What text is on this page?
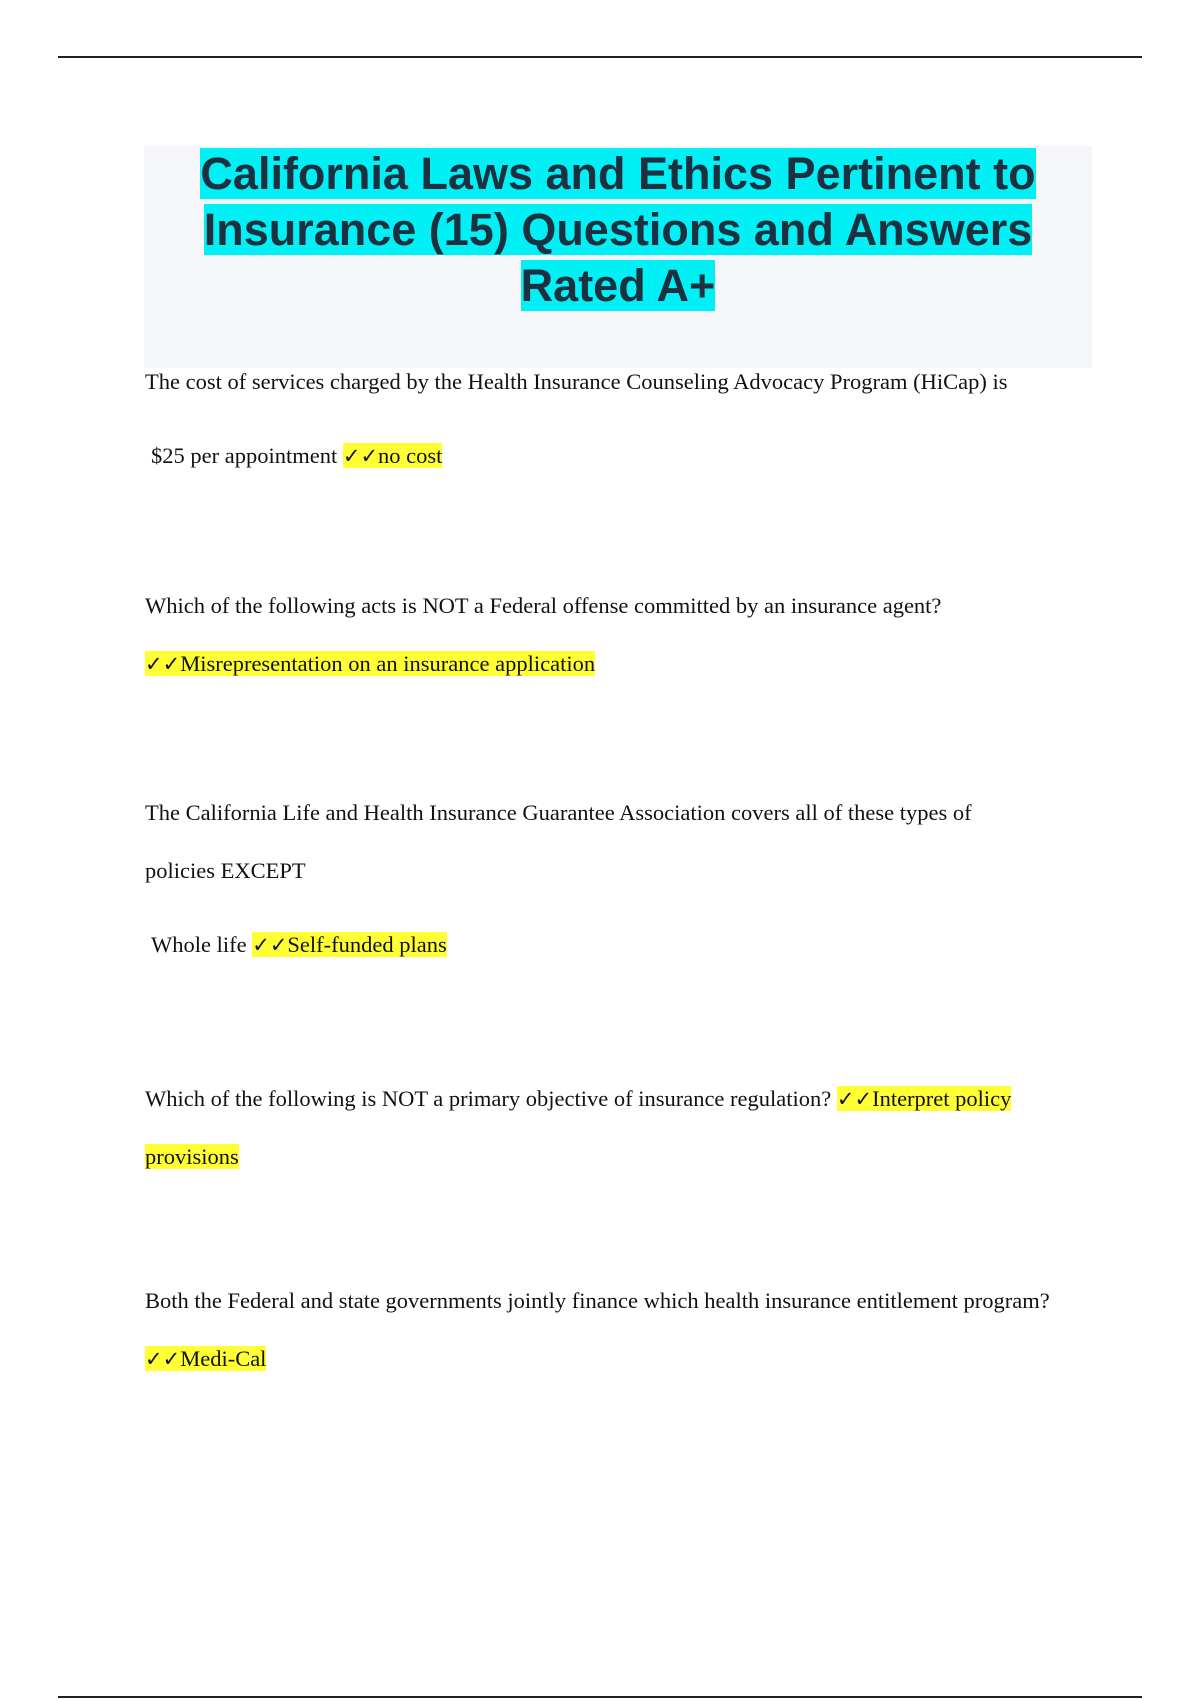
California Laws and Ethics Pertinent to Insurance (15) Questions and Answers Rated A+

The cost of services charged by the Health Insurance Counseling Advocacy Program (HiCap) is

$25 per appointment ✓✓no cost

Which of the following acts is NOT a Federal offense committed by an insurance agent?

✓✓Misrepresentation on an insurance application

The California Life and Health Insurance Guarantee Association covers all of these types of policies EXCEPT

Whole life ✓✓Self-funded plans

Which of the following is NOT a primary objective of insurance regulation? ✓✓Interpret policy provisions

Both the Federal and state governments jointly finance which health insurance entitlement program? ✓✓Medi-Cal
